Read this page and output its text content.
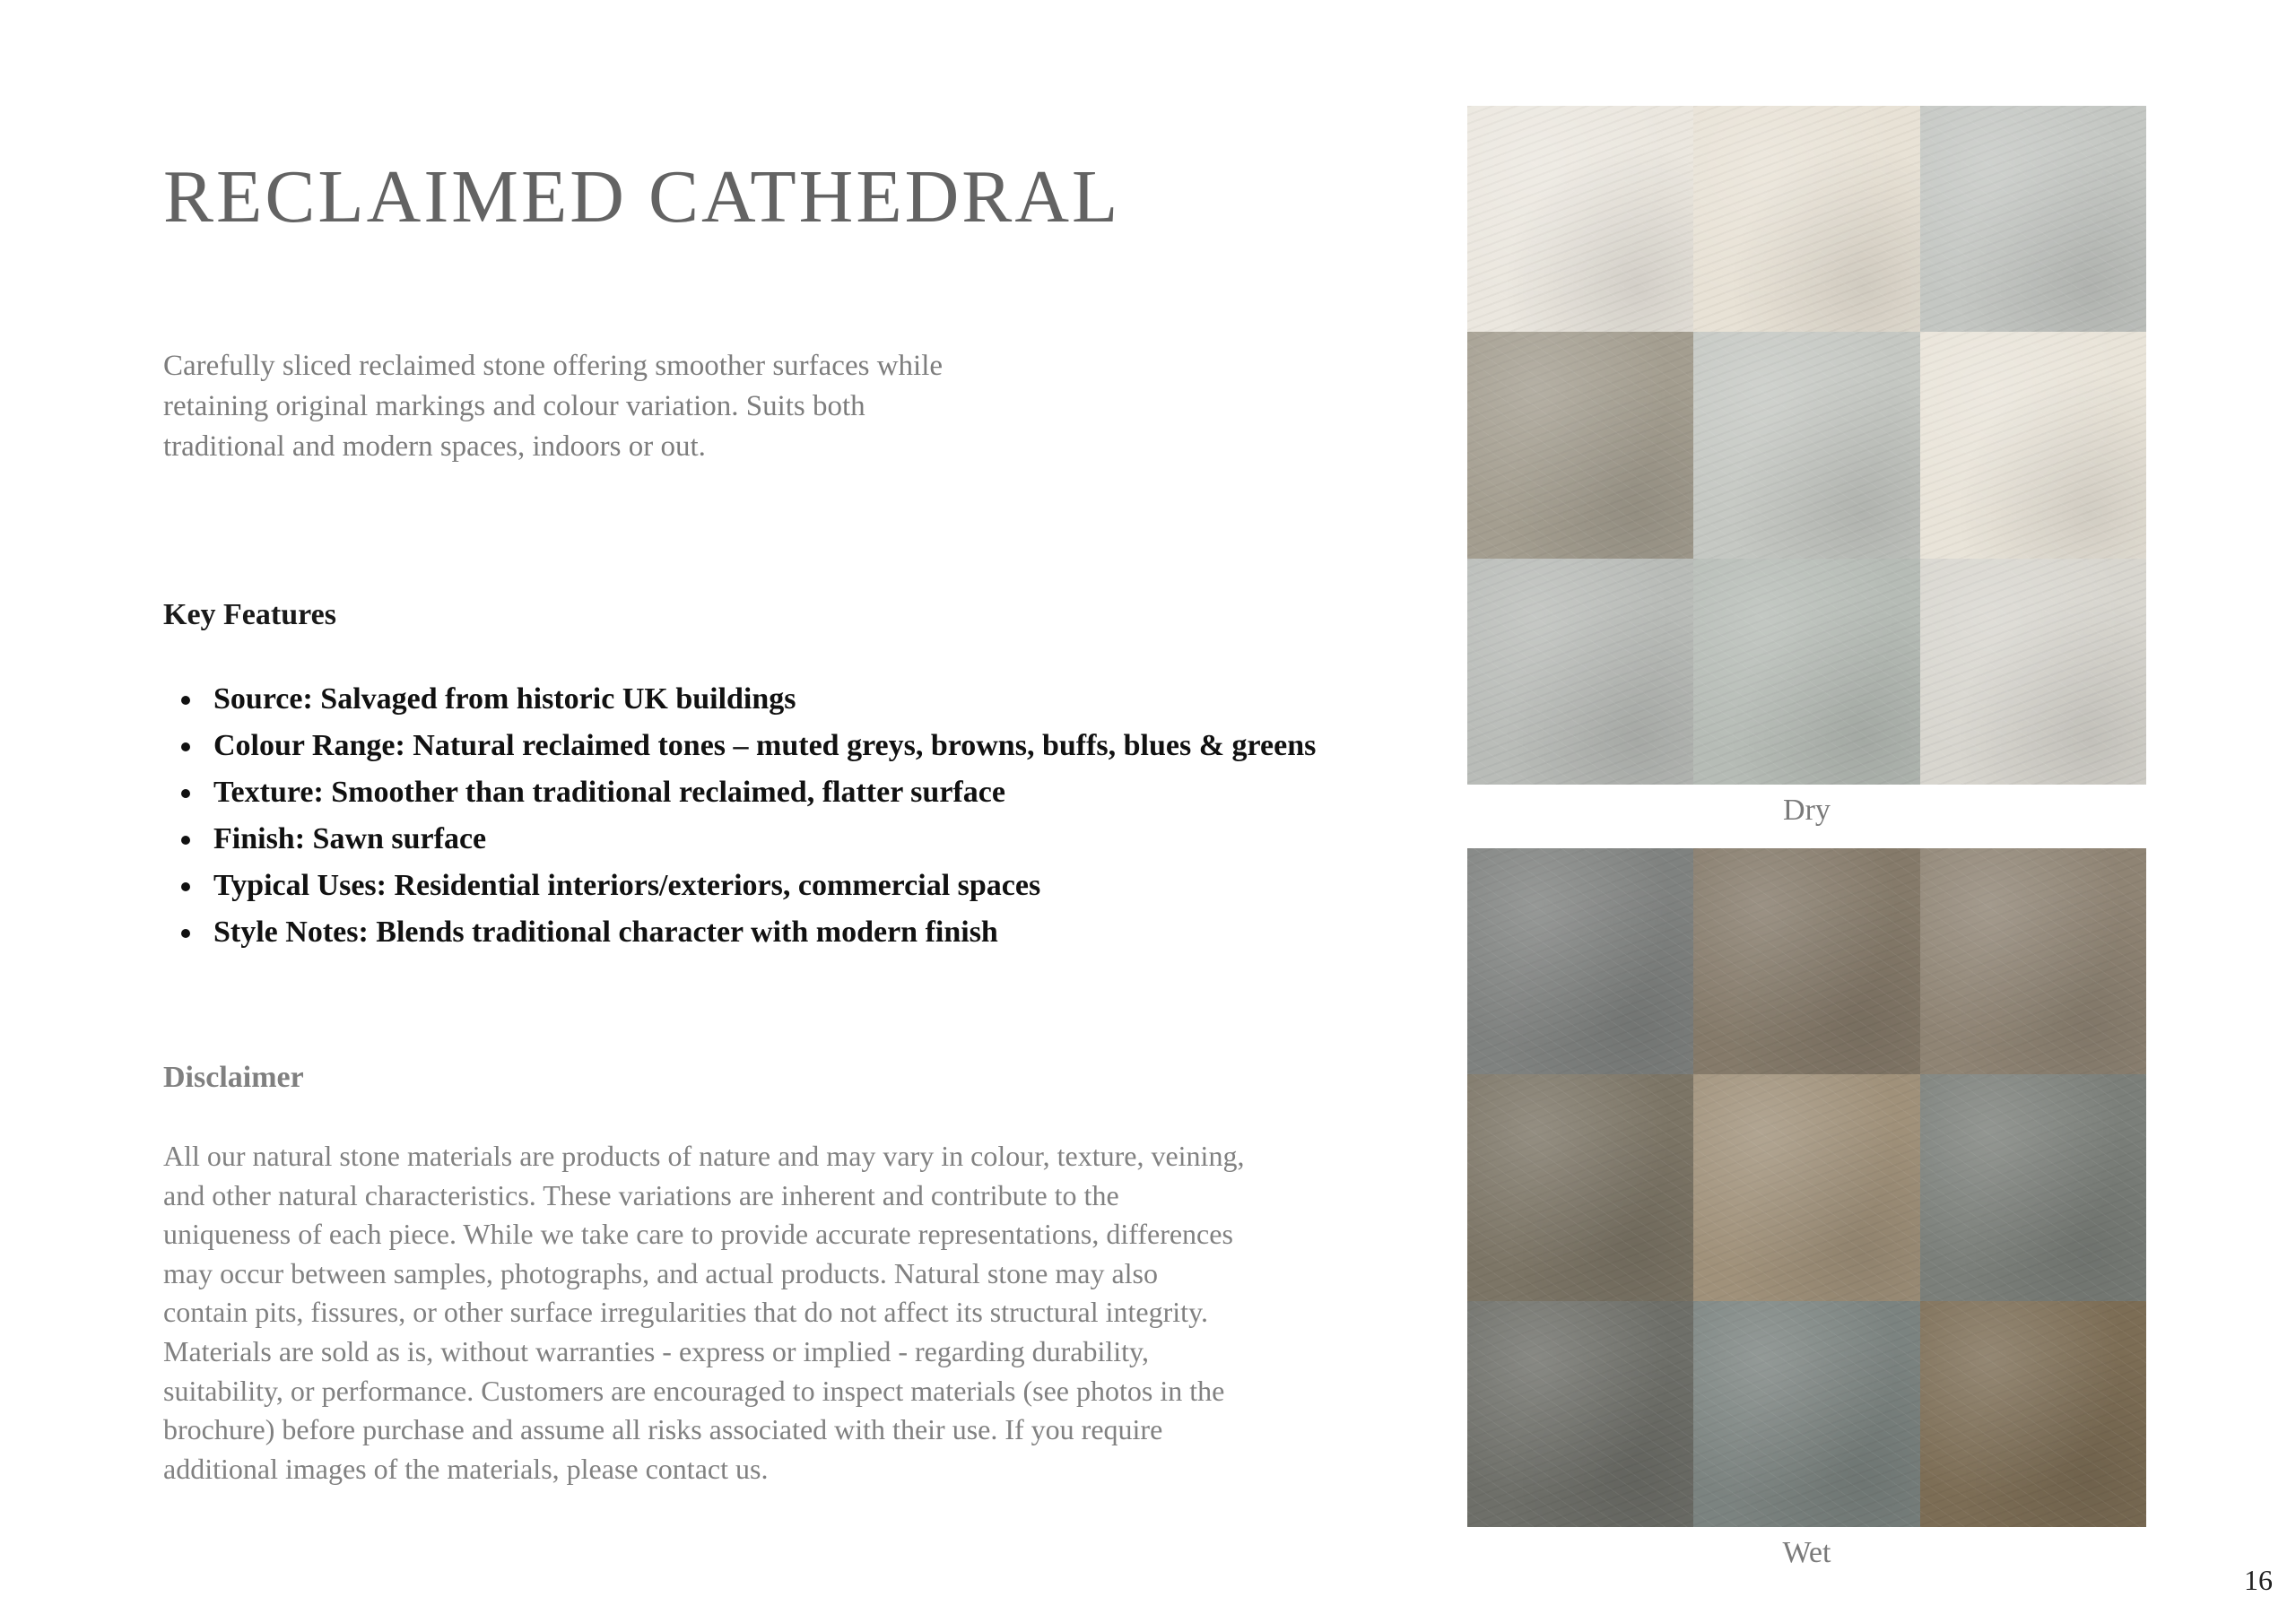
RECLAIMED CATHEDRAL

Carefully sliced reclaimed stone offering smoother surfaces while retaining original markings and colour variation. Suits both traditional and modern spaces, indoors or out.

Key Features
Source: Salvaged from historic UK buildings
Colour Range: Natural reclaimed tones – muted greys, browns, buffs, blues & greens
Texture: Smoother than traditional reclaimed, flatter surface
Finish: Sawn surface
Typical Uses: Residential interiors/exteriors, commercial spaces
Style Notes: Blends traditional character with modern finish
Disclaimer

All our natural stone materials are products of nature and may vary in colour, texture, veining, and other natural characteristics. These variations are inherent and contribute to the uniqueness of each piece. While we take care to provide accurate representations, differences may occur between samples, photographs, and actual products. Natural stone may also contain pits, fissures, or other surface irregularities that do not affect its structural integrity. Materials are sold as is, without warranties - express or implied - regarding durability, suitability, or performance. Customers are encouraged to inspect materials (see photos in the brochure) before purchase and assume all risks associated with their use. If you require additional images of the materials, please contact us.

Dry

Wet

16
